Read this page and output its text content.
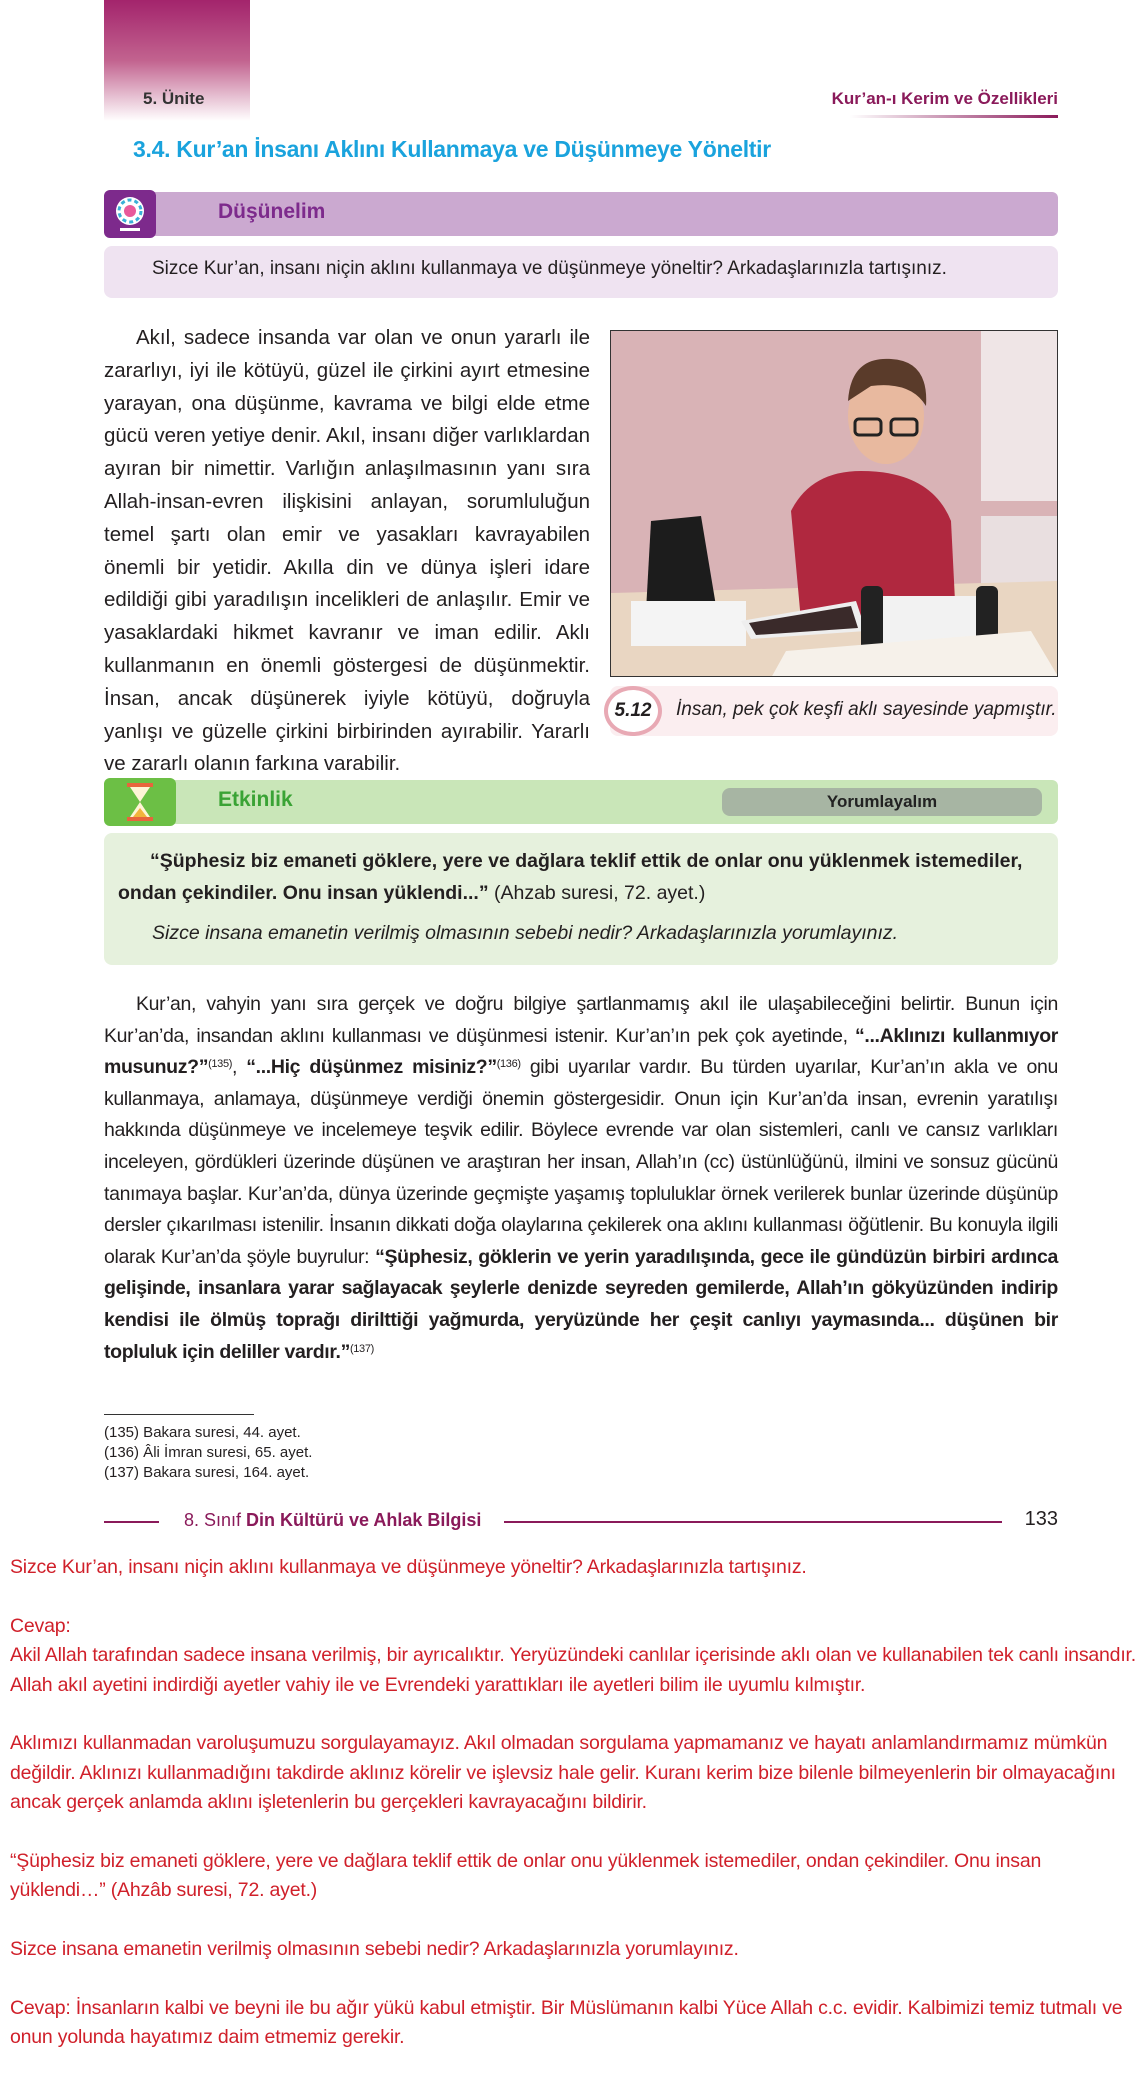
5. Ünite	Kur’an-ı Kerim ve Özellikleri
3.4. Kur’an İnsanı Aklını Kullanmaya ve Düşünmeye Yöneltir
Düşünelim
Sizce Kur’an, insanı niçin aklını kullanmaya ve düşünmeye yöneltir? Arkadaşlarınızla tartışınız.
Akıl, sadece insanda var olan ve onun yararlı ile zararlıyı, iyi ile kötüyü, güzel ile çirkini ayırt etmesine yarayan, ona düşünme, kavrama ve bilgi elde etme gücü veren yetiye denir. Akıl, insanı diğer varlıklardan ayıran bir nimettir. Varlığın anlaşılmasının yanı sıra Allah-insan-evren ilişkisini anlayan, sorumluluğun temel şartı olan emir ve yasakları kavrayabilen önemli bir yetidir. Akılla din ve dünya işleri idare edildiği gibi yaradılışın incelikleri de anlaşılır. Emir ve yasaklardaki hikmet kavranır ve iman edilir. Aklı kullanmanın en önemli göstergesi de düşünmektir. İnsan, ancak düşünerek iyiyle kötüyü, doğruyla yanlışı ve güzelle çirkini birbirinden ayırabilir. Yararlı ve zararlı olanın farkına varabilir.
5.12	İnsan, pek çok keşfi aklı sayesinde yapmıştır.
Etkinlik	Yorumlayalım
“Şüphesiz biz emaneti göklere, yere ve dağlara teklif ettik de onlar onu yüklenmek istemediler, ondan çekindiler. Onu insan yüklendi...” (Ahzab suresi, 72. ayet.)
Sizce insana emanetin verilmiş olmasının sebebi nedir? Arkadaşlarınızla yorumlayınız.
Kur’an, vahyin yanı sıra gerçek ve doğru bilgiye şartlanmamış akıl ile ulaşabileceğini belirtir. Bunun için Kur’an’da, insandan aklını kullanması ve düşünmesi istenir. Kur’an’ın pek çok ayetinde, “...Aklınızı kullanmıyor musunuz?”$^{(135)}$, “...Hiç düşünmez misiniz?”$^{(136)}$ gibi uyarılar vardır. Bu türden uyarılar, Kur’an’ın akla ve onu kullanmaya, anlamaya, düşünmeye verdiği önemin göstergesidir. Onun için Kur’an’da insan, evrenin yaratılışı hakkında düşünmeye ve incelemeye teşvik edilir. Böylece evrende var olan sistemleri, canlı ve cansız varlıkları inceleyen, gördükleri üzerinde düşünen ve araştıran her insan, Allah’ın (cc) üstünlüğünü, ilmini ve sonsuz gücünü tanımaya başlar. Kur’an’da, dünya üzerinde geçmişte yaşamış topluluklar örnek verilerek bunlar üzerinde düşünüp dersler çıkarılması istenilir. İnsanın dikkati doğa olaylarına çekilerek ona aklını kullanması öğütlenir. Bu konuyla ilgili olarak Kur’an’da şöyle buyrulur: “Şüphesiz, göklerin ve yerin yaradılışında, gece ile gündüzün birbiri ardınca gelişinde, insanlara yarar sağlayacak şeylerle denizde seyreden gemilerde, Allah’ın gökyüzünden indirip kendisi ile ölmüş toprağı dirilttiği yağmurda, yeryüzünde her çeşit canlıyı yaymasında... düşünen bir topluluk için deliller vardır.”$^{(137)}$
(135) Bakara suresi, 44. ayet.
(136) Âli İmran suresi, 65. ayet.
(137) Bakara suresi, 164. ayet.
8. Sınıf Din Kültürü ve Ahlak Bilgisi	133

Sizce Kur’an, insanı niçin aklını kullanmaya ve düşünmeye yöneltir? Arkadaşlarınızla tartışınız.

Cevap:

Akil Allah tarafından sadece insana verilmiş, bir ayrıcalıktır. Yeryüzündeki canlılar içerisinde aklı olan ve kullanabilen tek canlı insandır. Allah akıl ayetini indirdiği ayetler vahiy ile ve Evrendeki yarattıkları ile ayetleri bilim ile uyumlu kılmıştır.

Aklımızı kullanmadan varoluşumuzu sorgulayamayız. Akıl olmadan sorgulama yapmamanız ve hayatı anlamlandırmamız mümkün değildir. Aklınızı kullanmadığını takdirde aklınız körelir ve işlevsiz hale gelir. Kuranı kerim bize bilenle bilmeyenlerin bir olmayacağını ancak gerçek anlamda aklını işletenlerin bu gerçekleri kavrayacağını bildirir.

“Şüphesiz biz emaneti göklere, yere ve dağlara teklif ettik de onlar onu yüklenmek istemediler, ondan çekindiler. Onu insan yüklendi…” (Ahzâb suresi, 72. ayet.)

Sizce insana emanetin verilmiş olmasının sebebi nedir? Arkadaşlarınızla yorumlayınız.

Cevap: İnsanların kalbi ve beyni ile bu ağır yükü kabul etmiştir. Bir Müslümanın kalbi Yüce Allah c.c. evidir. Kalbimizi temiz tutmalı ve onun yolunda hayatımız daim etmemiz gerekir.
